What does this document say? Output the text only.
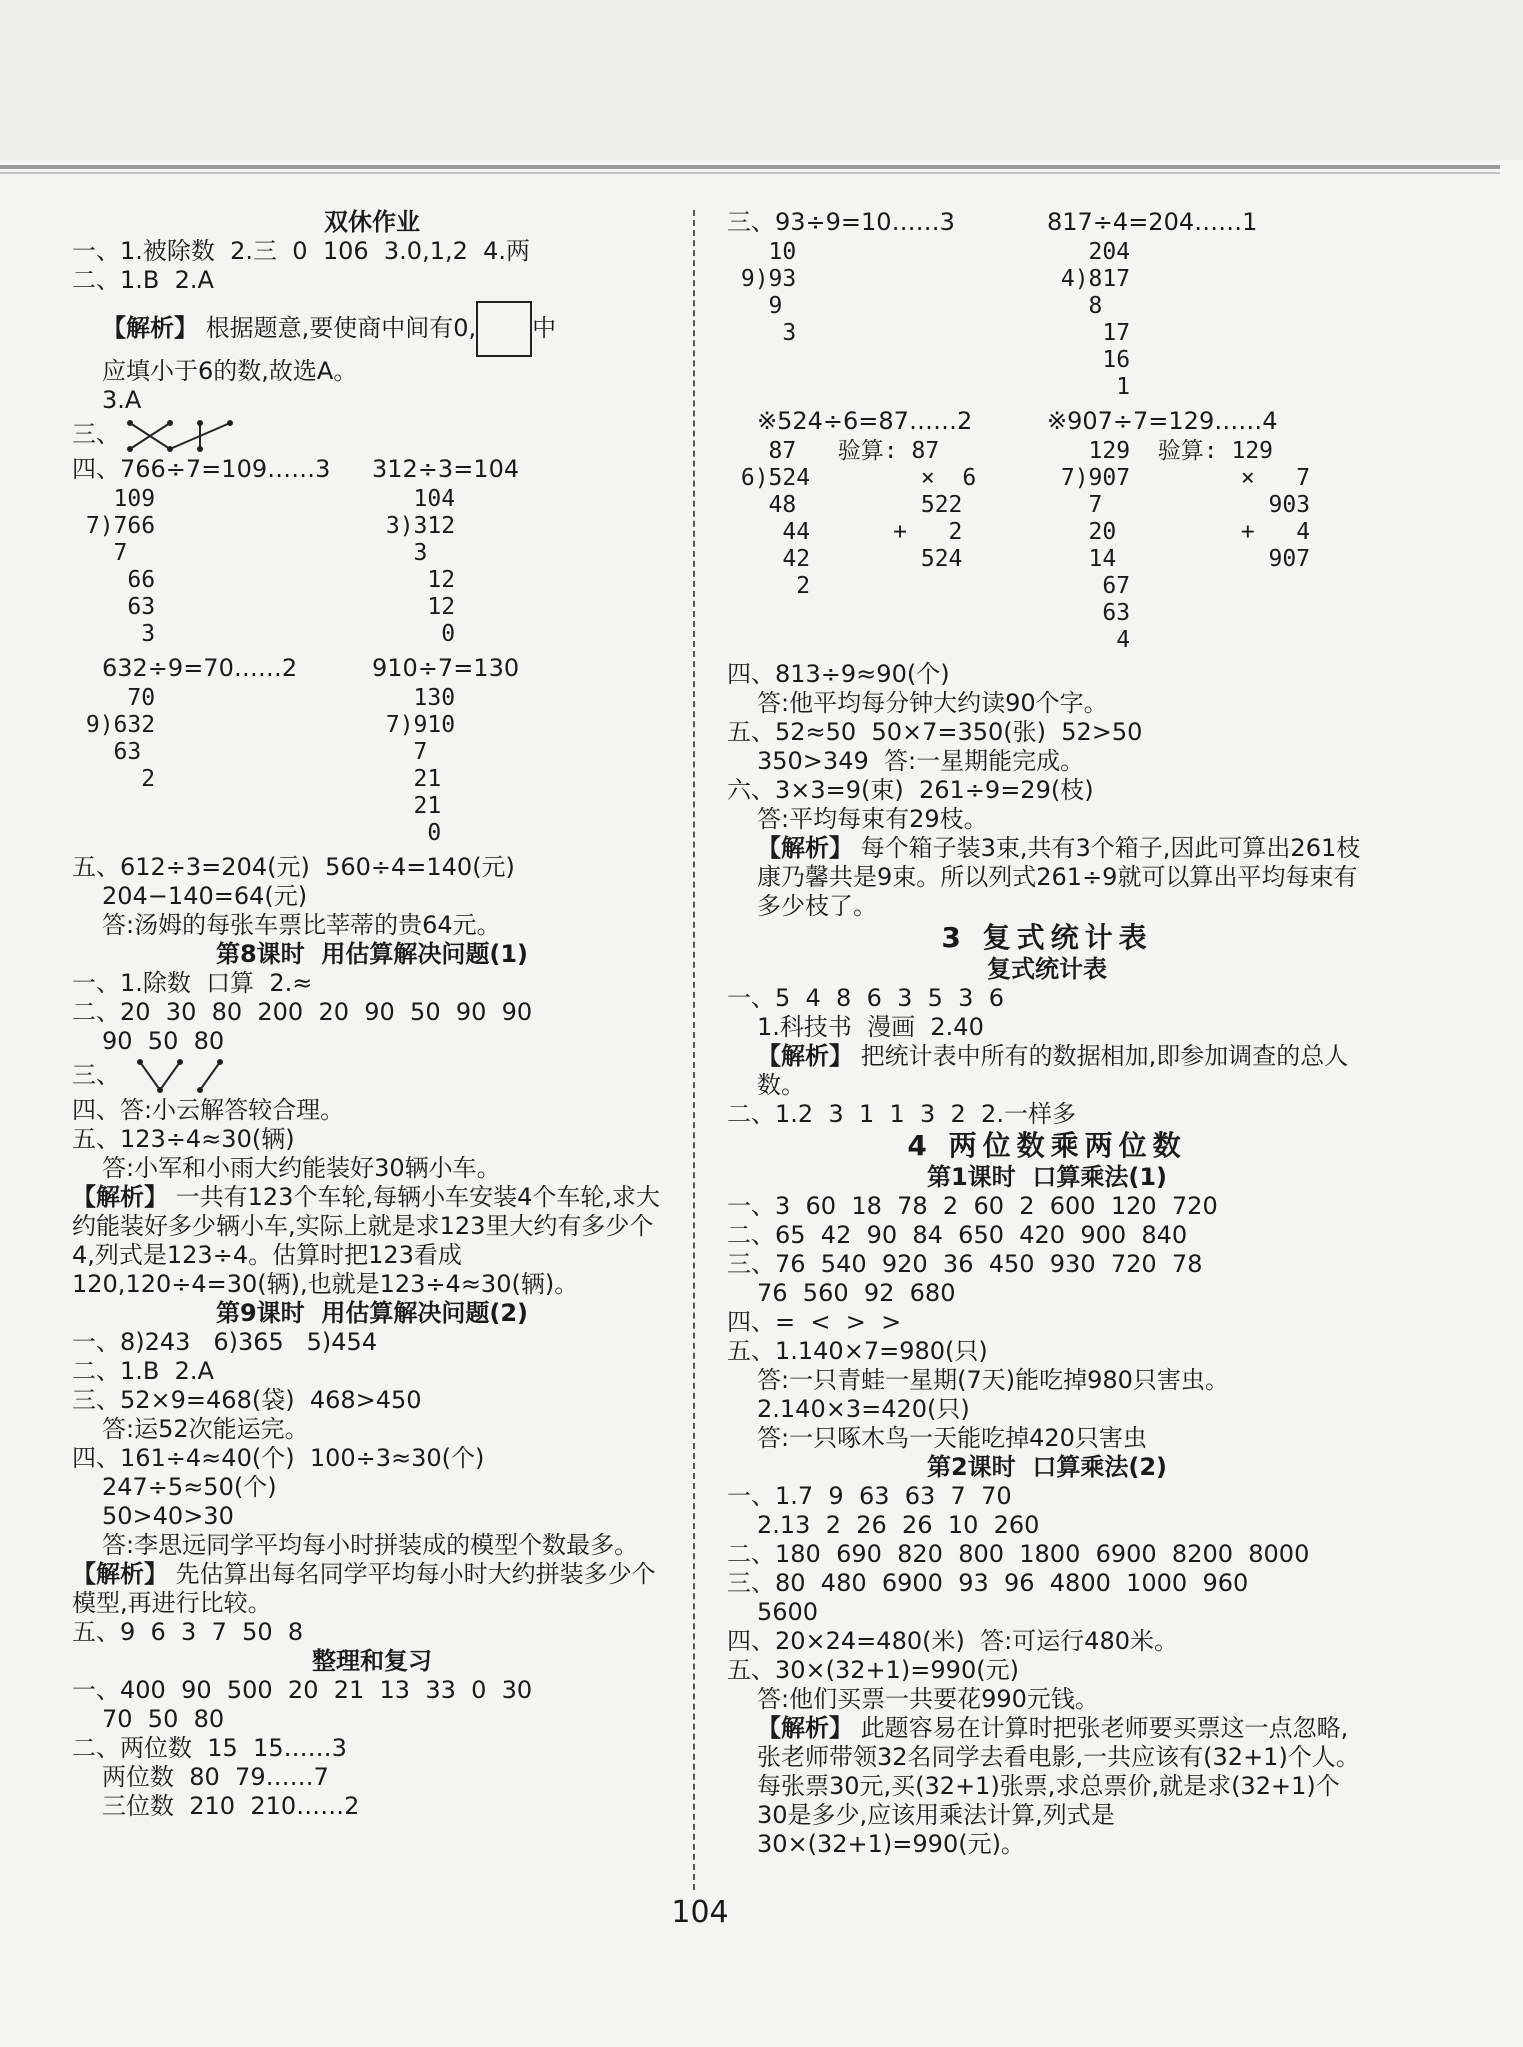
双休作业
一、1.被除数  2.三  0  106  3.0,1,2  4.两
二、1.B  2.A
【解析】 根据题意,要使商中间有0, 中
应填小于6的数,故选A。
3.A
三、
四、766÷7=109……3
109
7)766
7
66
63
3
312÷3=104
104
3)312
3
12
12
0
632÷9=70……2
70
9)632
63
2
910÷7=130
130
7)910
7
21
21
0
五、612÷3=204(元)  560÷4=140(元)
204−140=64(元)
答:汤姆的每张车票比莘蒂的贵64元。
第8课时  用估算解决问题(1)
一、1.除数  口算  2.≈
二、20  30  80  200  20  90  50  90  90
90  50  80
三、
四、答:小云解答较合理。
五、123÷4≈30(辆)
答:小军和小雨大约能装好30辆小车。
【解析】 一共有123个车轮,每辆小车安装4个车轮,求大约能装好多少辆小车,实际上就是求123里大约有多少个4,列式是123÷4。估算时把123看成120,120÷4=30(辆),也就是123÷4≈30(辆)。
第9课时  用估算解决问题(2)
一、8)243   6)365   5)454
二、1.B  2.A
三、52×9=468(袋)  468>450
答:运52次能运完。
四、161÷4≈40(个)  100÷3≈30(个)
247÷5≈50(个)
50>40>30
答:李思远同学平均每小时拼装成的模型个数最多。
【解析】 先估算出每名同学平均每小时大约拼装多少个模型,再进行比较。
五、9  6  3  7  50  8
整理和复习
一、400  90  500  20  21  13  33  0  30
70  50  80
二、两位数  15  15……3
两位数  80  79……7
三位数  210  210……2
三、93÷9=10……3
10
9)93
9
3
817÷4=204……1
204
4)817
8
17
16
1
※524÷6=87……2
87   验算: 87
6)524        ×  6
48         522
44      +   2
42        524
2
※907÷7=129……4
129  验算: 129
7)907        ×   7
7            903
20         +   4
14           907
67
63
4
四、813÷9≈90(个)
答:他平均每分钟大约读90个字。
五、52≈50  50×7=350(张)  52>50
350>349  答:一星期能完成。
六、3×3=9(束)  261÷9=29(枝)
答:平均每束有29枝。
【解析】 每个箱子装3束,共有3个箱子,因此可算出261枝康乃馨共是9束。所以列式261÷9就可以算出平均每束有多少枝了。
3 复式统计表
复式统计表
一、5  4  8  6  3  5  3  6
1.科技书  漫画  2.40
【解析】 把统计表中所有的数据相加,即参加调查的总人数。
二、1.2  3  1  1  3  2  2.一样多
4 两位数乘两位数
第1课时  口算乘法(1)
一、3  60  18  78  2  60  2  600  120  720
二、65  42  90  84  650  420  900  840
三、76  540  920  36  450  930  720  78
76  560  92  680
四、=  <  >  >
五、1.140×7=980(只)
答:一只青蛙一星期(7天)能吃掉980只害虫。
2.140×3=420(只)
答:一只啄木鸟一天能吃掉420只害虫
第2课时  口算乘法(2)
一、1.7  9  63  63  7  70
2.13  2  26  26  10  260
二、180  690  820  800  1800  6900  8200  8000
三、80  480  6900  93  96  4800  1000  960
5600
四、20×24=480(米)  答:可运行480米。
五、30×(32+1)=990(元)
答:他们买票一共要花990元钱。
【解析】 此题容易在计算时把张老师要买票这一点忽略,张老师带领32名同学去看电影,一共应该有(32+1)个人。每张票30元,买(32+1)张票,求总票价,就是求(32+1)个30是多少,应该用乘法计算,列式是30×(32+1)=990(元)。
104
